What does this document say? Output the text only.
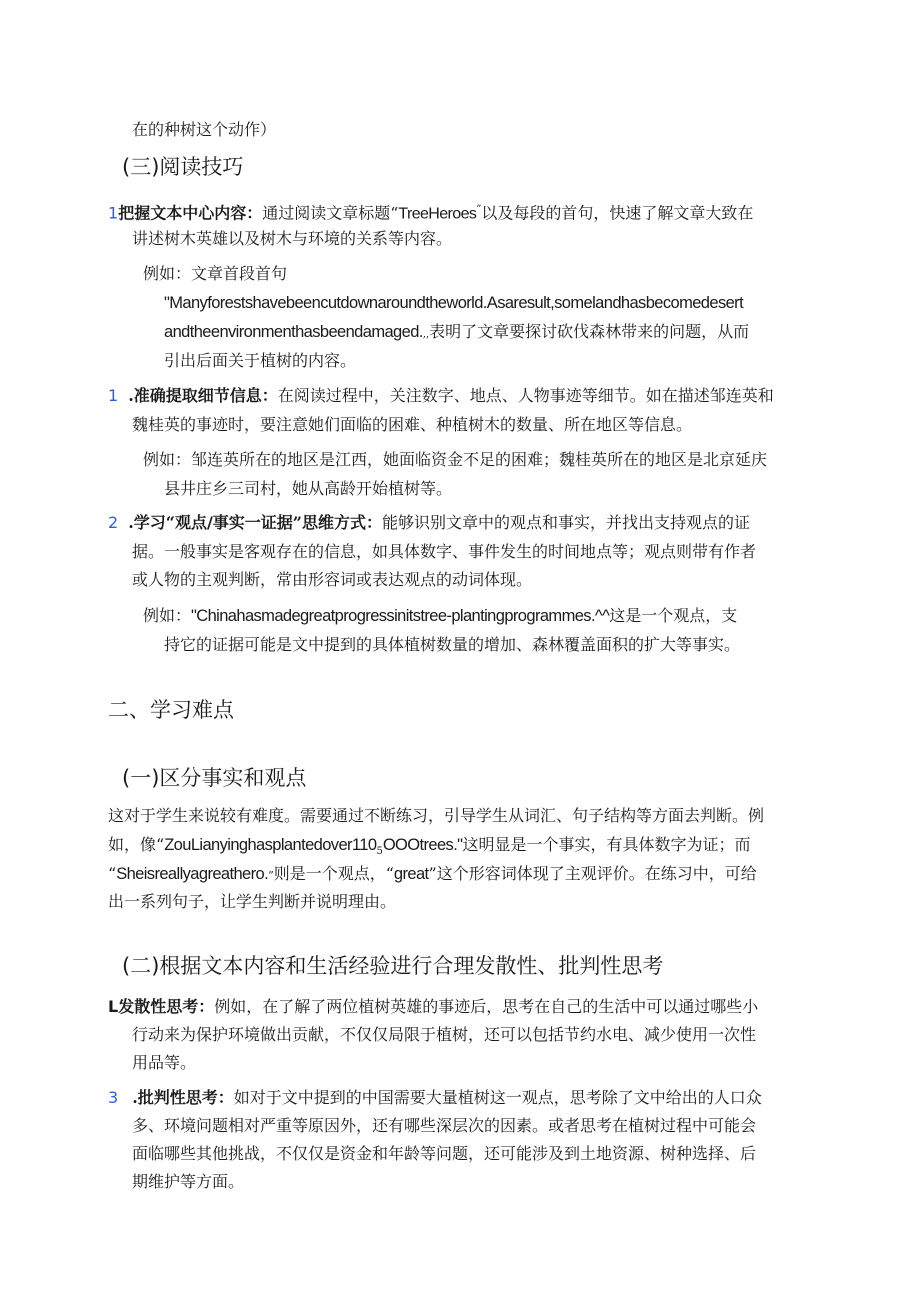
在的种树这个动作）
(三)阅读技巧
1把握文本中心内容：通过阅读文章标题“TreeHeroes”以及每段的首句，快速了解文章大致在
讲述树木英雄以及树木与环境的关系等内容。
例如：文章首段首句
"Manyforestshavebeencutdownaroundtheworld.Asaresult,somelandhasbecomedesert
andtheenvironmenthasbeendamaged.,,表明了文章要探讨砍伐森林带来的问题，从而
引出后面关于植树的内容。
1 .准确提取细节信息：在阅读过程中，关注数字、地点、人物事迹等细节。如在描述邹连英和
魏桂英的事迹时，要注意她们面临的困难、种植树木的数量、所在地区等信息。
例如：邹连英所在的地区是江西，她面临资金不足的困难；魏桂英所在的地区是北京延庆
县井庄乡三司村，她从高龄开始植树等。
2 .学习“观点/事实一证据”思维方式：能够识别文章中的观点和事实，并找出支持观点的证
据。一般事实是客观存在的信息，如具体数字、事件发生的时间地点等；观点则带有作者
或人物的主观判断，常由形容词或表达观点的动词体现。
例如："Chinahasmadegreatprogressinitstree-plantingprogrammes.^^这是一个观点，支
持它的证据可能是文中提到的具体植树数量的增加、森林覆盖面积的扩大等事实。
二、学习难点
(一)区分事实和观点
这对于学生来说较有难度。需要通过不断练习，引导学生从词汇、句子结构等方面去判断。例
如，像“$ZouLianyinghasplantedover110_5OOOtrees$."这明显是一个事实，有具体数字为证；而
“Sheisreallyagreathero.”则是一个观点，“great”这个形容词体现了主观评价。在练习中，可给
出一系列句子，让学生判断并说明理由。
(二)根据文本内容和生活经验进行合理发散性、批判性思考
L发散性思考：例如，在了解了两位植树英雄的事迹后，思考在自己的生活中可以通过哪些小
行动来为保护环境做出贡献，不仅仅局限于植树，还可以包括节约水电、减少使用一次性
用品等。
3 .批判性思考：如对于文中提到的中国需要大量植树这一观点，思考除了文中给出的人口众
多、环境问题相对严重等原因外，还有哪些深层次的因素。或者思考在植树过程中可能会
面临哪些其他挑战，不仅仅是资金和年龄等问题，还可能涉及到土地资源、树种选择、后
期维护等方面。
